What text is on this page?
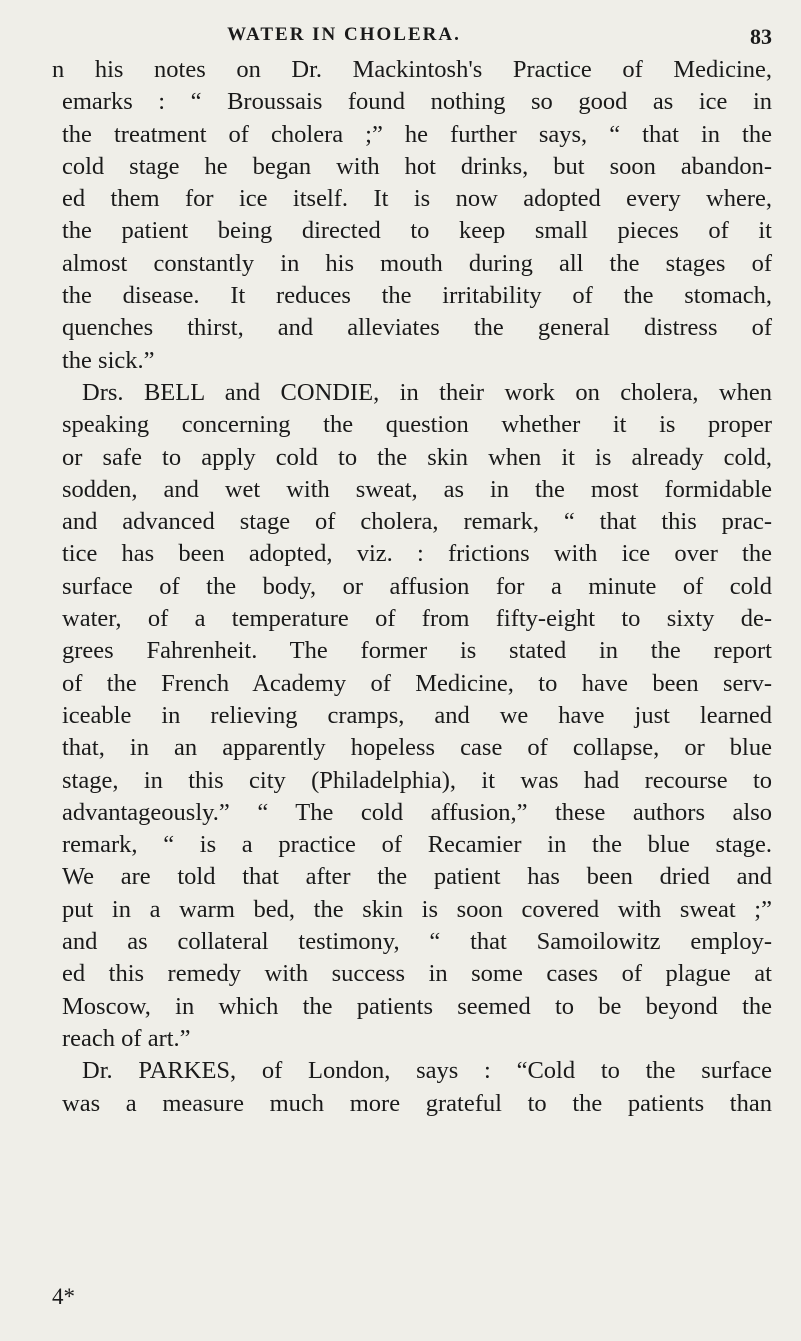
WATER IN CHOLERA.	83
n his notes on Dr. Mackintosh's Practice of Medicine,
emarks : “ Broussais found nothing so good as ice in
the treatment of cholera ;” he further says, “ that in the
cold stage he began with hot drinks, but soon abandon-
ed them for ice itself. It is now adopted every where,
the patient being directed to keep small pieces of it
almost constantly in his mouth during all the stages of
the disease. It reduces the irritability of the stomach,
quenches thirst, and alleviates the general distress of
the sick.”
Drs. BELL and CONDIE, in their work on cholera, when
speaking concerning the question whether it is proper
or safe to apply cold to the skin when it is already cold,
sodden, and wet with sweat, as in the most formidable
and advanced stage of cholera, remark, “ that this prac-
tice has been adopted, viz. : frictions with ice over the
surface of the body, or affusion for a minute of cold
water, of a temperature of from fifty-eight to sixty de-
grees Fahrenheit. The former is stated in the report
of the French Academy of Medicine, to have been serv-
iceable in relieving cramps, and we have just learned
that, in an apparently hopeless case of collapse, or blue
stage, in this city (Philadelphia), it was had recourse to
advantageously.” “ The cold affusion,” these authors also
remark, “ is a practice of Recamier in the blue stage.
We are told that after the patient has been dried and
put in a warm bed, the skin is soon covered with sweat ;”
and as collateral testimony, “ that Samoilowitz employ-
ed this remedy with success in some cases of plague at
Moscow, in which the patients seemed to be beyond the
reach of art.”
Dr. PARKES, of London, says : “Cold to the surface
was a measure much more grateful to the patients than
4*
